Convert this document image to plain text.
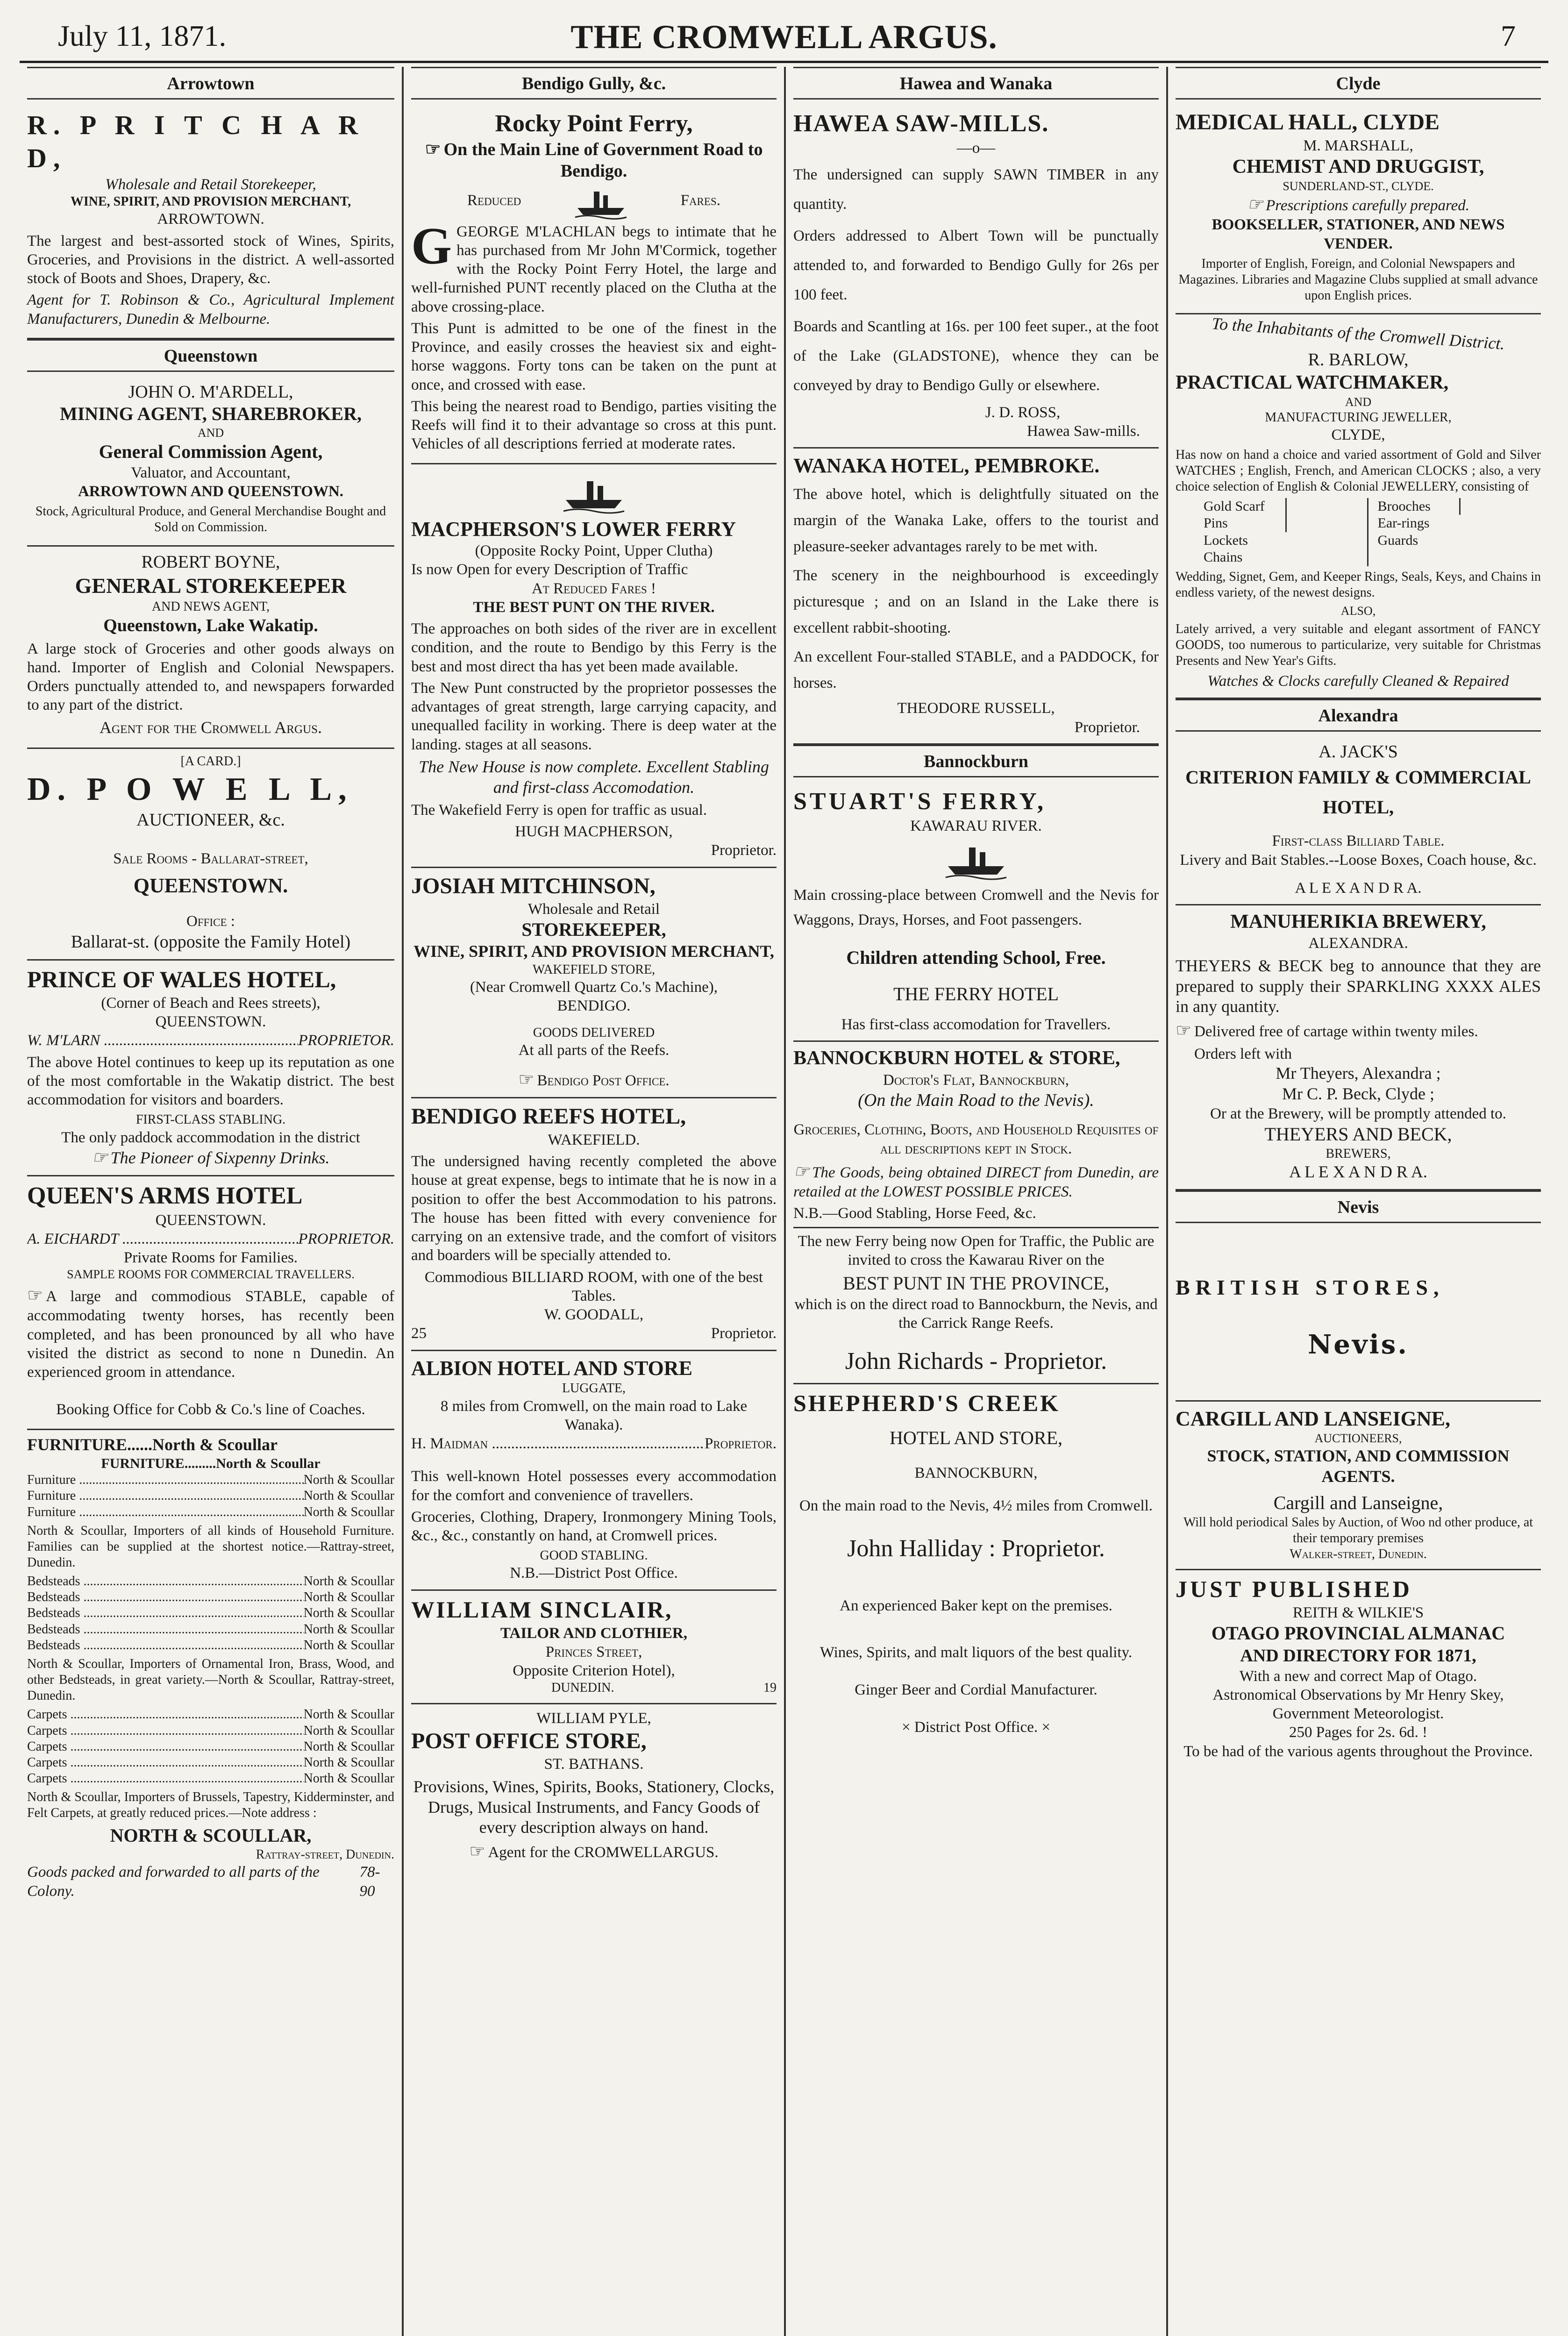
July 11, 1871.	THE CROMWELL ARGUS.	7
Arrowtown
R. P R I T C H A R D,
Wholesale and Retail Storekeeper,
WINE, SPIRIT, AND PROVISION MERCHANT,
ARROWTOWN.

The largest and best-assorted stock of Wines, Spirits, Groceries, and Provisions in the district. A well-assorted stock of Boots and Shoes, Drapery, &c.

Agent for T. Robinson & Co., Agricultural Implement Manufacturers, Dunedin & Melbourne.

Queenstown
JOHN O. M'ARDELL,
MINING AGENT, SHAREBROKER,
AND
General Commission Agent,
Valuator, and Accountant,
ARROWTOWN AND QUEENSTOWN.

Stock, Agricultural Produce, and General Merchandise Bought and Sold on Commission.

ROBERT BOYNE,
GENERAL STOREKEEPER
AND NEWS AGENT,
Queenstown, Lake Wakatip.

A large stock of Groceries and other goods always on hand. Importer of English and Colonial Newspapers. Orders punctually attended to, and newspapers forwarded to any part of the district.

Agent for the Cromwell Argus.

[A CARD.]
D. P O W E L L,
AUCTIONEER, &c.
Sale Rooms - Ballarat-street,
QUEENSTOWN.
Office :
Ballarat-st. (opposite the Family Hotel)
PRINCE OF WALES HOTEL,
(Corner of Beach and Rees streets),
QUEENSTOWN.
W. M'LARN .....	PROPRIETOR.

The above Hotel continues to keep up its reputation as one of the most comfortable in the Wakatip district. The best accommodation for visitors and boarders.

FIRST-CLASS STABLING.
The only paddock accommodation in the district
☞ The Pioneer of Sixpenny Drinks.
QUEEN'S ARMS HOTEL
QUEENSTOWN.
A. EICHARDT .....	PROPRIETOR.
Private Rooms for Families.
SAMPLE ROOMS FOR COMMERCIAL TRAVELLERS.

☞ A large and commodious STABLE, capable of accommodating twenty horses, has recently been completed, and has been pronounced by all who have visited the district as second to none n Dunedin. An experienced groom in attendance.

Booking Office for Cobb & Co.'s line of Coaches.

FURNITURE......North & Scoullar
FURNITURE.........North & Scoullar
Furniture .....	North & Scoullar
Furniture .....	North & Scoullar
Furniture .....	North & Scoullar

North & Scoullar, Importers of all kinds of Household Furniture. Families can be supplied at the shortest notice.—Rattray-street, Dunedin.

Bedsteads .....	North & Scoullar
Bedsteads .....	North & Scoullar
Bedsteads .....	North & Scoullar
Bedsteads .....	North & Scoullar
Bedsteads .....	North & Scoullar

North & Scoullar, Importers of Ornamental Iron, Brass, Wood, and other Bedsteads, in great variety.—North & Scoullar, Rattray-street, Dunedin.

Carpets .....	North & Scoullar
Carpets .....	North & Scoullar
Carpets .....	North & Scoullar
Carpets .....	North & Scoullar
Carpets .....	North & Scoullar

North & Scoullar, Importers of Brussels, Tapestry, Kidderminster, and Felt Carpets, at greatly reduced prices.—Note address :

NORTH & SCOULLAR,
Rattray-street, Dunedin.
Goods packed and forwarded to all parts of the Colony.
78-90
Bendigo Gully, &c.
Rocky Point Ferry,
☞ On the Main Line of Government Road to Bendigo.
Reduced	Fares.

GGEORGE M'LACHLAN begs to intimate that he has purchased from Mr John M'Cormick, together with the Rocky Point Ferry Hotel, the large and well-furnished PUNT recently placed on the Clutha at the above crossing-place.

This Punt is admitted to be one of the finest in the Province, and easily crosses the heaviest six and eight-horse waggons. Forty tons can be taken on the punt at once, and crossed with ease.

This being the nearest road to Bendigo, parties visiting the Reefs will find it to their advantage so cross at this punt. Vehicles of all descriptions ferried at moderate rates.

MACPHERSON'S LOWER FERRY
(Opposite Rocky Point, Upper Clutha)
Is now Open for every Description of Traffic
At Reduced Fares !
THE BEST PUNT ON THE RIVER.

The approaches on both sides of the river are in excellent condition, and the route to Bendigo by this Ferry is the best and most direct tha has yet been made available.

The New Punt constructed by the proprietor possesses the advantages of great strength, large carrying capacity, and unequalled facility in working. There is deep water at the landing. stages at all seasons.

The New House is now complete. Excellent Stabling and first-class Accomodation.

The Wakefield Ferry is open for traffic as usual.

HUGH MACPHERSON,
Proprietor.
JOSIAH MITCHINSON,
Wholesale and Retail
STOREKEEPER,
WINE, SPIRIT, AND PROVISION MERCHANT,
WAKEFIELD STORE,
(Near Cromwell Quartz Co.'s Machine),
BENDIGO.
GOODS DELIVERED
At all parts of the Reefs.
☞ Bendigo Post Office.
BENDIGO REEFS HOTEL,
WAKEFIELD.

The undersigned having recently completed the above house at great expense, begs to intimate that he is now in a position to offer the best Accommodation to his patrons. The house has been fitted with every convenience for carrying on an extensive trade, and the comfort of visitors and boarders will be specially attended to.

Commodious BILLIARD ROOM, with one of the best Tables.
W. GOODALL,
25	Proprietor.
ALBION HOTEL AND STORE
LUGGATE,
8 miles from Cromwell, on the main road to Lake Wanaka).
H. Maidman .....	Proprietor.

This well-known Hotel possesses every accommodation for the comfort and convenience of travellers.

Groceries, Clothing, Drapery, Ironmongery Mining Tools, &c., &c., constantly on hand, at Cromwell prices.

GOOD STABLING.
N.B.—District Post Office.
WILLIAM SINCLAIR,
TAILOR AND CLOTHIER,
Princes Street,
Opposite Criterion Hotel),
DUNEDIN.	19
WILLIAM PYLE,
POST OFFICE STORE,
ST. BATHANS.

Provisions, Wines, Spirits, Books, Stationery, Clocks, Drugs, Musical Instruments, and Fancy Goods of every description always on hand.

☞ Agent for the CROMWELLARGUS.
Hawea and Wanaka
HAWEA SAW-MILLS.
—o—

The undersigned can supply SAWN TIMBER in any quantity.

Orders addressed to Albert Town will be punctually attended to, and forwarded to Bendigo Gully for 26s per 100 feet.

Boards and Scantling at 16s. per 100 feet super., at the foot of the Lake (GLADSTONE), whence they can be conveyed by dray to Bendigo Gully or elsewhere.

J. D. ROSS,
Hawea Saw-mills.
WANAKA HOTEL, PEMBROKE.

The above hotel, which is delightfully situated on the margin of the Wanaka Lake, offers to the tourist and pleasure-seeker advantages rarely to be met with.

The scenery in the neighbourhood is exceedingly picturesque ; and on an Island in the Lake there is excellent rabbit-shooting.

An excellent Four-stalled STABLE, and a PADDOCK, for horses.

THEODORE RUSSELL,
Proprietor.
Bannockburn
STUART'S FERRY,
KAWARAU RIVER.

Main crossing-place between Cromwell and the Nevis for Waggons, Drays, Horses, and Foot passengers.

Children attending School, Free.
THE FERRY HOTEL
Has first-class accomodation for Travellers.
BANNOCKBURN HOTEL & STORE,
Doctor's Flat, Bannockburn,
(On the Main Road to the Nevis).

Groceries, Clothing, Boots, and Household Requisites of all descriptions kept in Stock.

☞ The Goods, being obtained DIRECT from Dunedin, are retailed at the LOWEST POSSIBLE PRICES.

N.B.—Good Stabling, Horse Feed, &c.

The new Ferry being now Open for Traffic, the Public are invited to cross the Kawarau River on the

BEST PUNT IN THE PROVINCE,
which is on the direct road to Bannockburn, the Nevis, and the Carrick Range Reefs.
John Richards - Proprietor.
SHEPHERD'S CREEK
HOTEL AND STORE,
BANNOCKBURN,
On the main road to the Nevis, 4½ miles from Cromwell.
John Halliday : Proprietor.
An experienced Baker kept on the premises.
Wines, Spirits, and malt liquors of the best quality.
Ginger Beer and Cordial Manufacturer.
× District Post Office. ×
Clyde
MEDICAL HALL, CLYDE
M. MARSHALL,
CHEMIST AND DRUGGIST,
SUNDERLAND-ST., CLYDE.
☞ Prescriptions carefully prepared.
BOOKSELLER, STATIONER, AND NEWS VENDER.

Importer of English, Foreign, and Colonial Newspapers and Magazines. Libraries and Magazine Clubs supplied at small advance upon English prices.

To the Inhabitants of the Cromwell District.
R. BARLOW,
PRACTICAL WATCHMAKER,
AND
MANUFACTURING JEWELLER,
CLYDE,

Has now on hand a choice and varied assortment of Gold and Silver WATCHES ; English, French, and American CLOCKS ; also, a very choice selection of English & Colonial JEWELLERY, consisting of

Gold Scarf Pins
Lockets
Chains
Brooches
Ear-rings
Guards

Wedding, Signet, Gem, and Keeper Rings, Seals, Keys, and Chains in endless variety, of the newest designs.

ALSO,

Lately arrived, a very suitable and elegant assortment of FANCY GOODS, too numerous to particularize, very suitable for Christmas Presents and New Year's Gifts.

Watches & Clocks carefully Cleaned & Repaired
Alexandra
A. JACK'S
CRITERION FAMILY & COMMERCIAL HOTEL,
First-class Billiard Table.
Livery and Bait Stables.--Loose Boxes, Coach house, &c.
A L E X A N D R A.
MANUHERIKIA BREWERY,
ALEXANDRA.

THEYERS & BECK beg to announce that they are prepared to supply their SPARKLING XXXX ALES in any quantity.

☞ Delivered free of cartage within twenty miles.

Orders left with
Mr Theyers, Alexandra ;
Mr C. P. Beck, Clyde ;
Or at the Brewery, will be promptly attended to.
THEYERS AND BECK,
BREWERS,
A L E X A N D R A.
Nevis
BRITISH STORES,
Nevis.
CARGILL AND LANSEIGNE,
AUCTIONEERS,
STOCK, STATION, AND COMMISSION AGENTS.
Cargill and Lanseigne,
Will hold periodical Sales by Auction, of Woo nd other produce, at their temporary premises
Walker-street, Dunedin.
JUST PUBLISHED
REITH & WILKIE'S
OTAGO PROVINCIAL ALMANAC
AND DIRECTORY FOR 1871,
With a new and correct Map of Otago.
Astronomical Observations by Mr Henry Skey, Government Meteorologist.
250 Pages for 2s. 6d. !
To be had of the various agents throughout the Province.
